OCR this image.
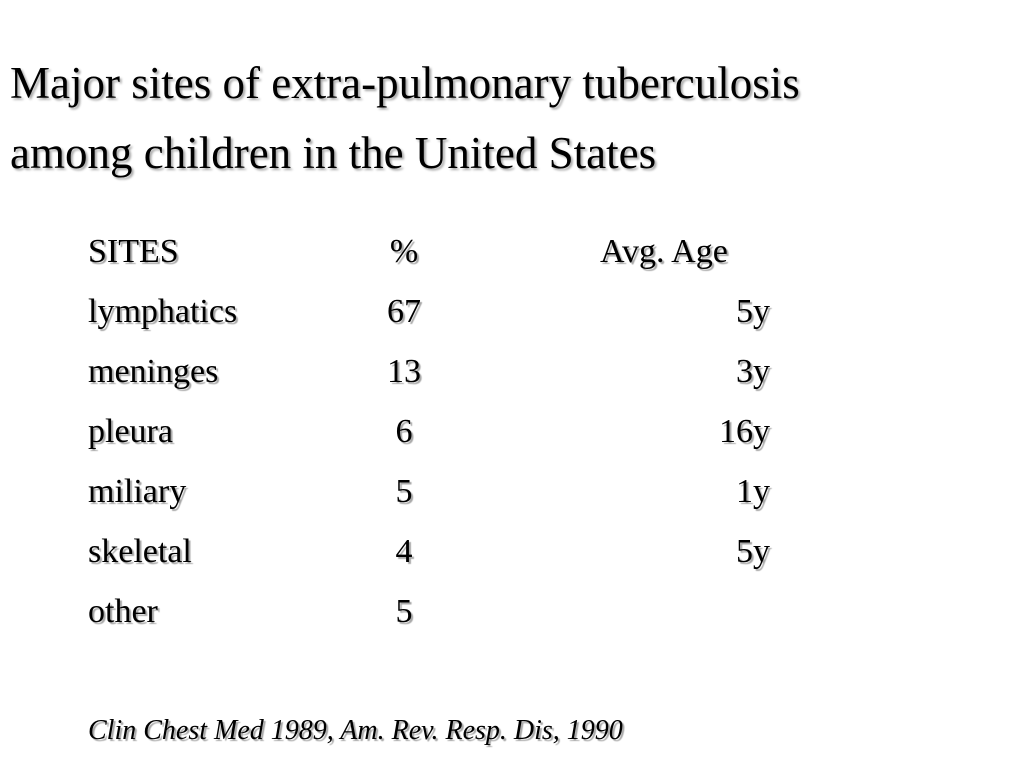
Major sites of extra-pulmonary tuberculosis
among children in the United States
SITES	%		Avg. Age
lymphatics	67		5y
meninges	13		3y
pleura	6		16y
miliary	5		1y
skeletal	4		5y
other	5		

Clin Chest Med 1989, Am. Rev. Resp. Dis, 1990
